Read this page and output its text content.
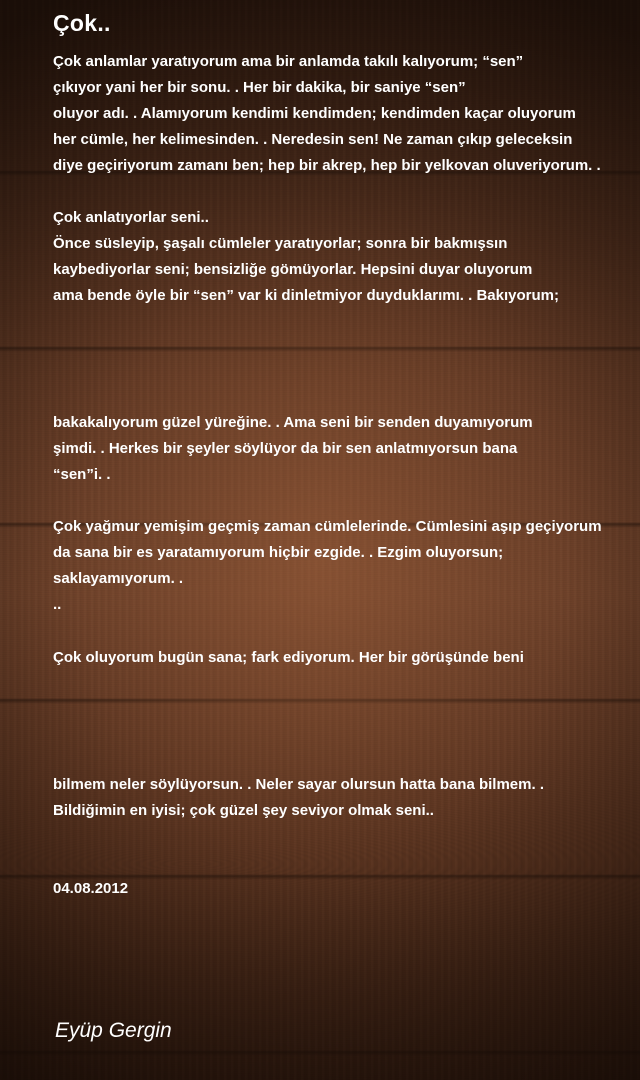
Çok..
Çok anlamlar yaratıyorum ama bir anlamda takılı kalıyorum; “sen”
çıkıyor yani her bir sonu. . Her bir dakika, bir saniye “sen”
oluyor adı. . Alamıyorum kendimi kendimden; kendimden kaçar oluyorum
her cümle, her kelimesinden. . Neredesin sen! Ne zaman çıkıp geleceksin
diye geçiriyorum zamanı ben; hep bir akrep, hep bir yelkovan oluveriyorum. .
Çok anlatıyorlar seni..
Önce süsleyip, şaşalı cümleler yaratıyorlar; sonra bir bakmışsın
kaybediyorlar seni; bensizliğe gömüyorlar. Hepsini duyar oluyorum
ama bende öyle bir “sen” var ki dinletmiyor duyduklarımı. . Bakıyorum;
bakakalıyorum güzel yüreğine. . Ama seni bir senden duyamıyorum
şimdi. . Herkes bir şeyler söylüyor da bir sen anlatmıyorsun bana
“sen”i. .
Çok yağmur yemişim geçmiş zaman cümlelerinde. Cümlesini aşıp geçiyorum
da sana bir es yaratamıyorum hiçbir ezgide. . Ezgim oluyorsun;
saklayamıyorum. .
..
Çok oluyorum bugün sana; fark ediyorum. Her bir görüşünde beni
bilmem neler söylüyorsun. . Neler sayar olursun hatta bana bilmem. .
Bildiğimin en iyisi; çok güzel şey seviyor olmak seni..
04.08.2012
Eyüp Gergin
